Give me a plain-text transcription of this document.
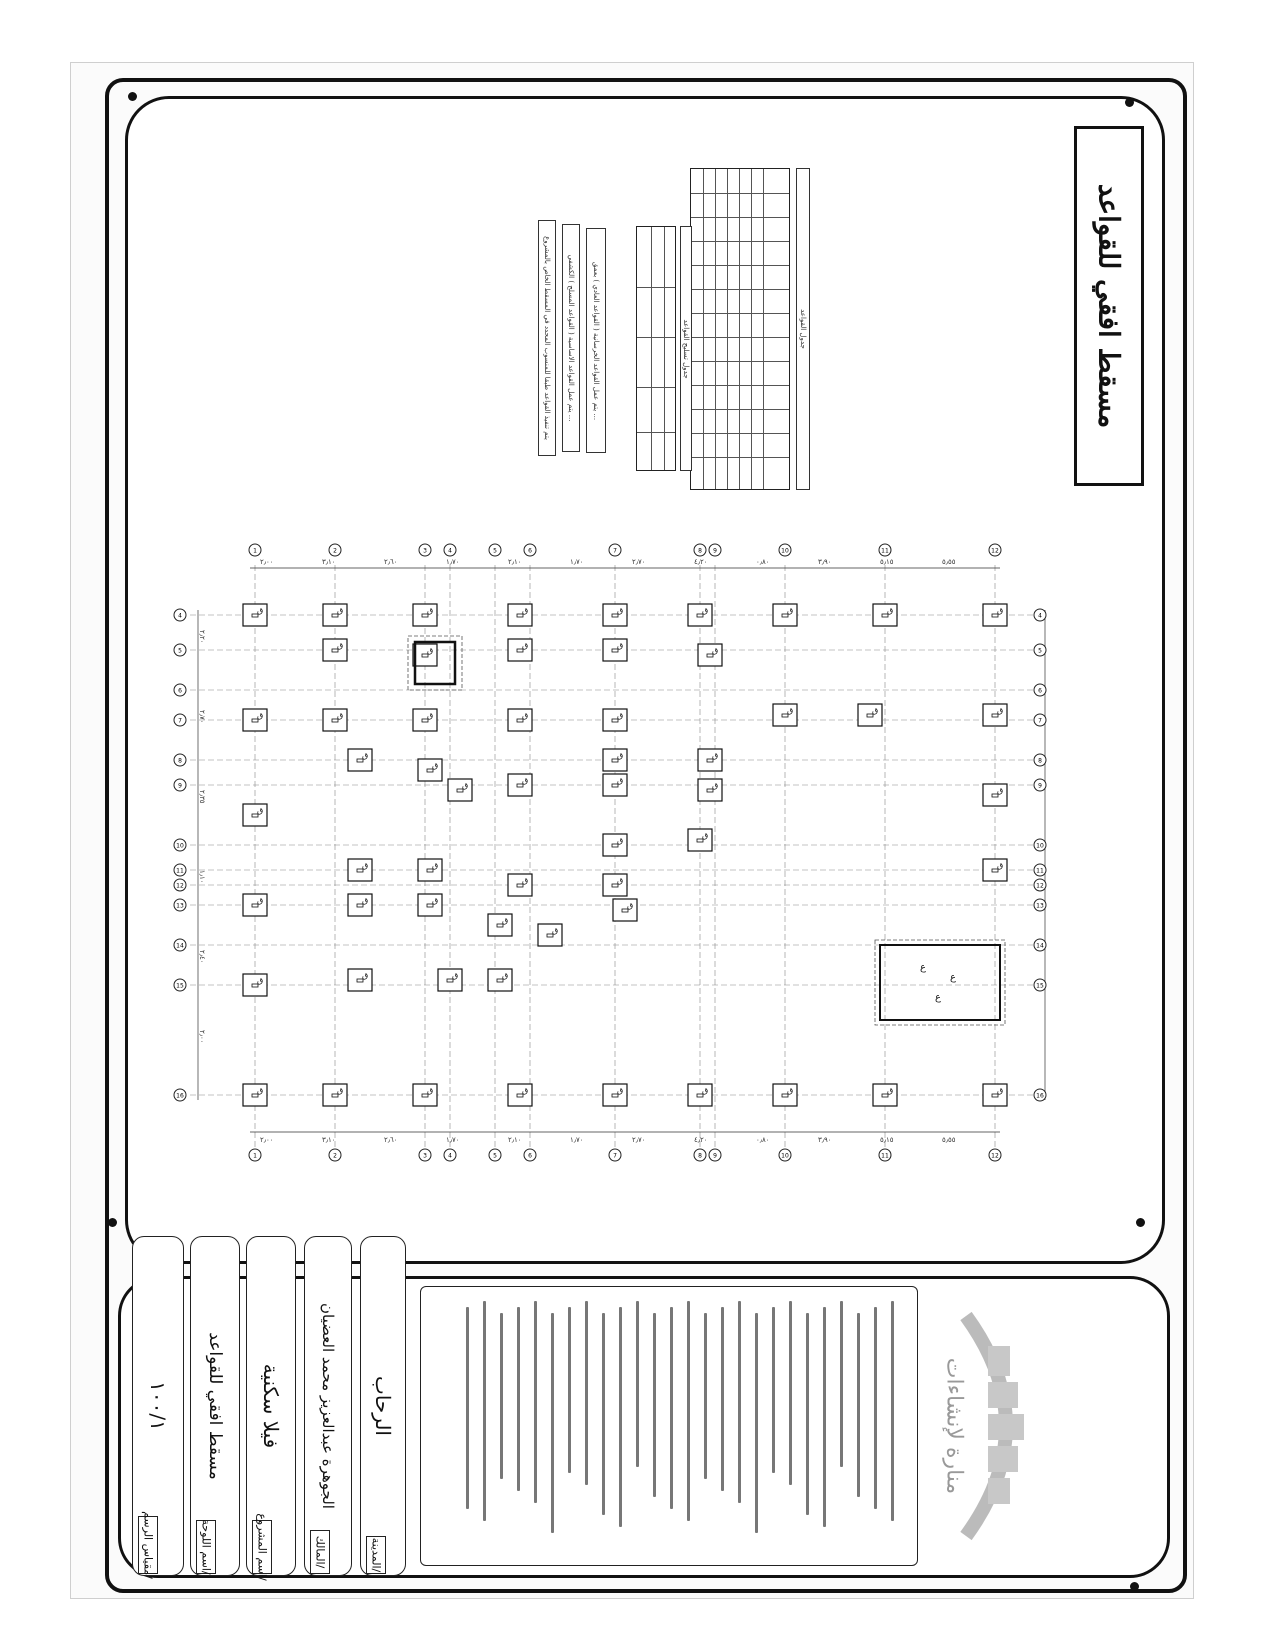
مسقط افقي للقواعد
جدول القواعد
جدول تسليح القواعد
يتم عمل القواعد الخرسانية ( القواعد العادي ) بعمق ...
يتم عمل القواعد الاساسية ( القواعد المسلح ) الكشفي ...
يتم تنفيذ القواعد طبقا للمنسوب المحدد في المسقط الخاص بالمشروع
1
1
2
2
3
3
4
4
5
5
6
6
7
7
8
8
9
9
10
10
11
11
12
12
4	4
5	5
6	6
7	7
8	8
9	9
10	10
11	11
12	12
13	13
14	14
15	15
16	16
ق	ق	ق	ق	ق	ق	ق	ق	ق
ق
ق
ق	ق
ق
ق	ق	ق	ق	ق
ق	ق	ق
ق
ق
ق	ق
ق
ق
ق	ق
ق
ق
ق
ق
ق
ق	ق
ق	ق
ق
ق	ق	ق
ق
ق
ق
ق	ق	ق
ق	ق	ق	ق	ق	ق	ق	ق	ق
ع
ع
ع
٢٫٠٠
٢٫٠٠
٣٫١٠
٣٫١٠
٢٫٦٠
٢٫٦٠
١٫٧٠
١٫٧٠
٢٫١٠
٢٫١٠
١٫٧٠
١٫٧٠
٢٫٧٠
٢٫٧٠
٤٫٢٠
٤٫٢٠
٠٫٨٠
٠٫٨٠
٣٫٩٠
٣٫٩٠
٥٫١٥
٥٫١٥
٥٫٥٥
٥٫٥٥
٢٫٢٠
٢٫٧٠
٢٫٣٥
١٫١٠
٢٫٤٠
٢٫٠٠
منارة لإنشاءات
الرحاب
المدينة/
الجوهرة عبدالعزيز محمد العضيان
المالك/
فيلا سكنية
اسم المشروع/
مسقط افقي للقواعد
اسم اللوحة/
١٠٠/١
مقياس الرسم/
